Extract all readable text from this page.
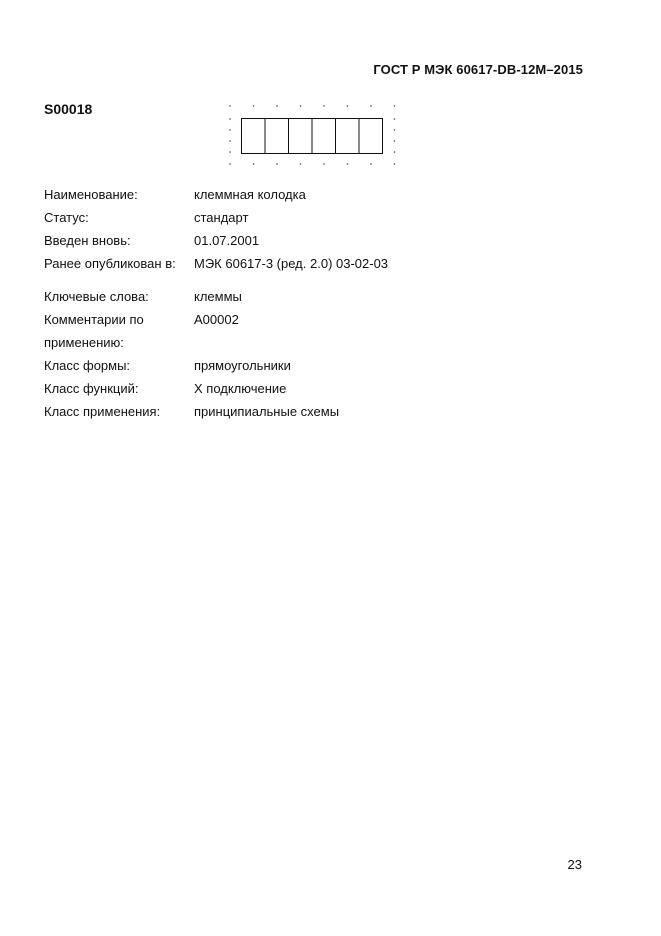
ГОСТ Р МЭК 60617-DB-12M–2015
S00018
Наименование:	клеммная колодка
Статус:	стандарт
Введен вновь:	01.07.2001
Ранее опубликован в:	МЭК 60617-3 (ред. 2.0) 03-02-03

Ключевые слова:	клеммы

Комментарии по
применению:	A00002
Класс формы:	прямоугольники
Класс функций:	X подключение
Класс применения:	принципиальные схемы
23
